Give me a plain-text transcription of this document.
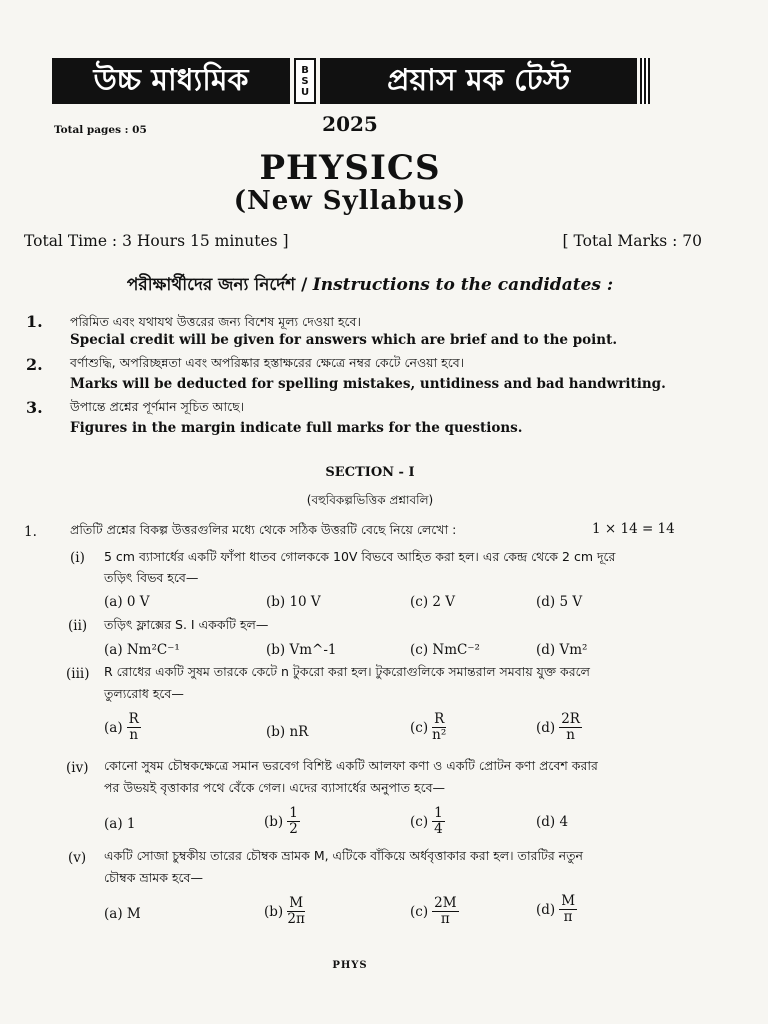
উচ্চ মাধ্যমিক	B
S
U	প্রয়াস মক টেস্ট
Total pages : 05	2025
PHYSICS
(New Syllabus)
Total Time : 3 Hours 15 minutes ]	[ Total Marks : 70
পরীক্ষার্থীদের জন্য নির্দেশ / Instructions to the candidates :
1. পরিমিত এবং যথাযথ উত্তরের জন্য বিশেষ মূল্য দেওয়া হবে।
Special credit will be given for answers which are brief and to the point.
2. বর্ণাশুদ্ধি, অপরিচ্ছন্নতা এবং অপরিষ্কার হস্তাক্ষরের ক্ষেত্রে নম্বর কেটে নেওয়া হবে।
Marks will be deducted for spelling mistakes, untidiness and bad handwriting.
3. উপান্তে প্রশ্নের পূর্ণমান সূচিত আছে।
Figures in the margin indicate full marks for the questions.
SECTION - I
(বহুবিকল্পভিত্তিক প্রশ্নাবলি)
1.	প্রতিটি প্রশ্নের বিকল্প উত্তরগুলির মধ্যে থেকে সঠিক উত্তরটি বেছে নিয়ে লেখো :	1 × 14 = 14
(i) 5 cm ব্যাসার্ধের একটি ফাঁপা ধাতব গোলককে 10V বিভবে আহিত করা হল। এর কেন্দ্র থেকে 2 cm দূরে
তড়িৎ বিভব হবে—
(a) 0 V	(b) 10 V	(c) 2 V	(d) 5 V
(ii) তড়িৎ ফ্লাক্সের S. I এককটি হল—
(a) Nm²C⁻¹	(b) Vm^-1	(c) NmC⁻²	(d) Vm²
(iii) R রোধের একটি সুষম তারকে কেটে n টুকরো করা হল। টুকরোগুলিকে সমান্তরাল সমবায় যুক্ত করলে
তুল্যরোধ হবে—
$(a) \frac{R}{n}$	(b) nR	$(c) \frac{R}{\text{n²}}$	$(d) \frac{2R}{n}$
(iv) কোনো সুষম চৌম্বকক্ষেত্রে সমান ভরবেগ বিশিষ্ট একটি আলফা কণা ও একটি প্রোটন কণা প্রবেশ করার
পর উভয়ই বৃত্তাকার পথে বেঁকে গেল। এদের ব্যাসার্ধের অনুপাত হবে—
(a) 1	$(b) \frac{1}{2}$	$(c) \frac{1}{4}$	(d) 4
(v) একটি সোজা চুম্বকীয় তারের চৌম্বক ভ্রামক M, এটিকে বাঁকিয়ে অর্ধবৃত্তাকার করা হল। তারটির নতুন
চৌম্বক ভ্রামক হবে—
(a) M	$(b) \frac{M}{2\pi}$	$(c) \frac{2M}{\pi}$	$(d) \frac{M}{\pi}$
PHYS
